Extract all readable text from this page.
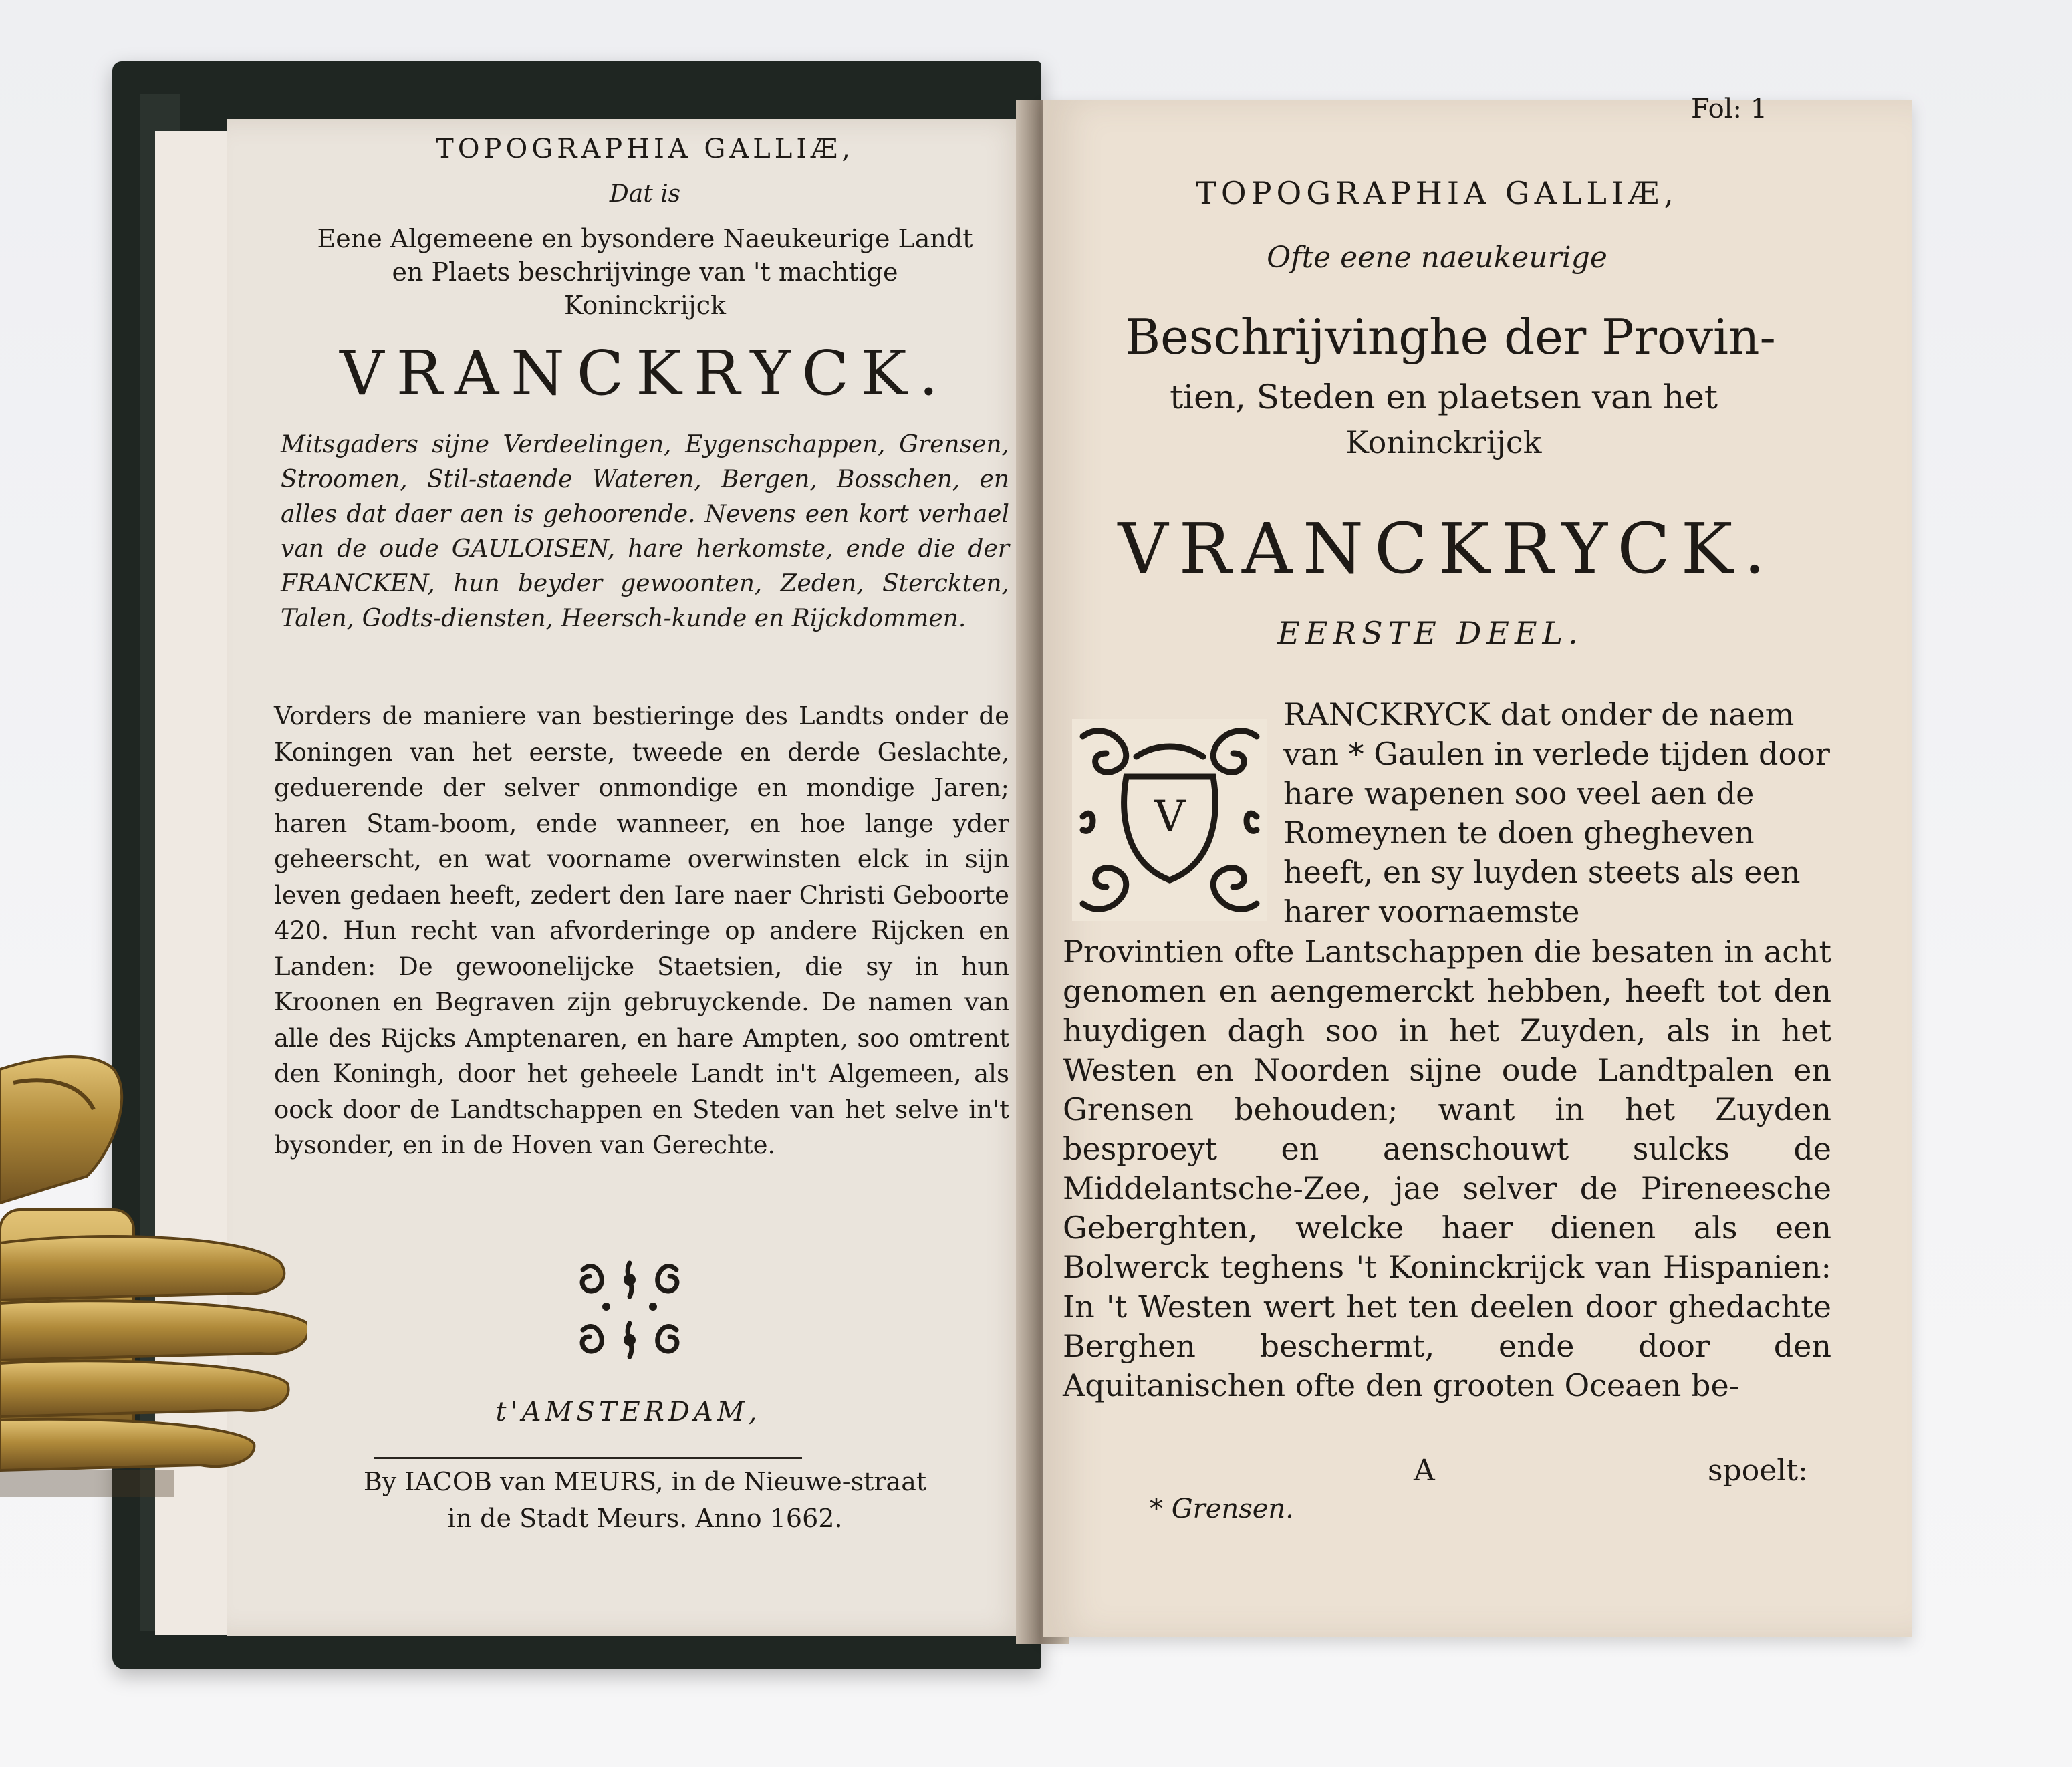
TOPOGRAPHIA GALLIÆ,

Dat is

Eene Algemeene en bysondere Naeukeurige Landt

en Plaets beschrijvinge van 't machtige

Koninckrijck

VRANCKRYCK.

Mitsgaders sijne Verdeelingen, Eygenschappen, Grensen, Stroomen, Stil-staende Wateren, Bergen, Bosschen, en alles dat daer aen is gehoorende. Nevens een kort verhael van de oude GAULOISEN, hare herkomste, ende die der FRANCKEN, hun beyder gewoonten, Zeden, Sterckten, Talen, Godts-diensten, Heersch-kunde en Rijckdommen.

Vorders de maniere van bestieringe des Landts onder de Koningen van het eerste, tweede en derde Geslachte, geduerende der selver onmondige en mondige Jaren; haren Stam-boom, ende wanneer, en hoe lange yder geheerscht, en wat voorname overwinsten elck in sijn leven gedaen heeft, zedert den Iare naer Christi Geboorte 420. Hun recht van afvorderinge op andere Rijcken en Landen: De gewoonelijcke Staetsien, die sy in hun Kroonen en Begraven zijn gebruyckende. De namen van alle des Rijcks Amptenaren, en hare Ampten, soo omtrent den Koningh, door het geheele Landt in't Algemeen, als oock door de Landtschappen en Steden van het selve in't bysonder, en in de Hoven van Gerechte.

t'AMSTERDAM,

By IACOB van MEURS, in de Nieuwe-straat

in de Stadt Meurs. Anno 1662.

Fol: 1

TOPOGRAPHIA GALLIÆ,

Ofte eene naeukeurige

Beschrijvinghe der Provin-

tien, Steden en plaetsen van het

Koninckrijck

VRANCKRYCK.

EERSTE DEEL.

V

RANCKRYCK dat onder de naem van * Gaulen in verlede tijden door hare wapenen soo veel aen de Romeynen te doen ghegheven heeft, en sy luyden steets als een harer voornaemste

Provintien ofte Lantschappen die besaten in acht genomen en aengemerckt hebben, heeft tot den huydigen dagh soo in het Zuyden, als in het Westen en Noorden sijne oude Landtpalen en Grensen behouden; want in het Zuyden besproeyt en aenschouwt sulcks de Middelantsche-Zee, jae selver de Pireneesche Geberghten, welcke haer dienen als een Bolwerck teghens 't Koninckrijck van Hispanien: In 't Westen wert het ten deelen door ghedachte Berghen beschermt, ende door den Aquitanischen ofte den grooten Oceaen be-

A	spoelt:

* Grensen.
